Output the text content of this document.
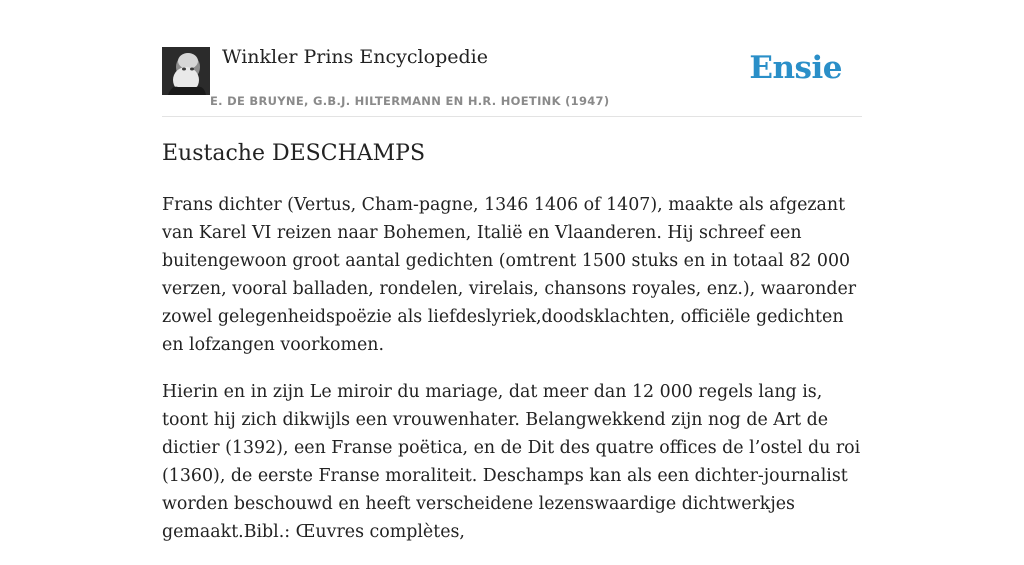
Winkler Prins Encyclopedie
E. DE BRUYNE, G.B.J. HILTERMANN EN H.R. HOETINK (1947)
Ensie
Eustache DESCHAMPS

Frans dichter (Vertus, Cham-pagne, 1346 1406 of 1407), maakte als afgezant van Karel VI reizen naar Bohemen, Italië en Vlaanderen. Hij schreef een buitengewoon groot aantal gedichten (omtrent 1500 stuks en in totaal 82 000 verzen, vooral balladen, rondelen, virelais, chansons royales, enz.), waaronder zowel gelegenheidspoëzie als liefdeslyriek,doodsklachten, officiële gedichten en lofzangen voorkomen.

Hierin en in zijn Le miroir du mariage, dat meer dan 12 000 regels lang is, toont hij zich dikwijls een vrouwenhater. Belangwekkend zijn nog de Art de dictier (1392), een Franse poëtica, en de Dit des quatre offices de l’ostel du roi (1360), de eerste Franse moraliteit. Deschamps kan als een dichter-journalist worden beschouwd en heeft verscheidene lezenswaardige dichtwerkjes gemaakt.Bibl.: Œuvres complètes,
